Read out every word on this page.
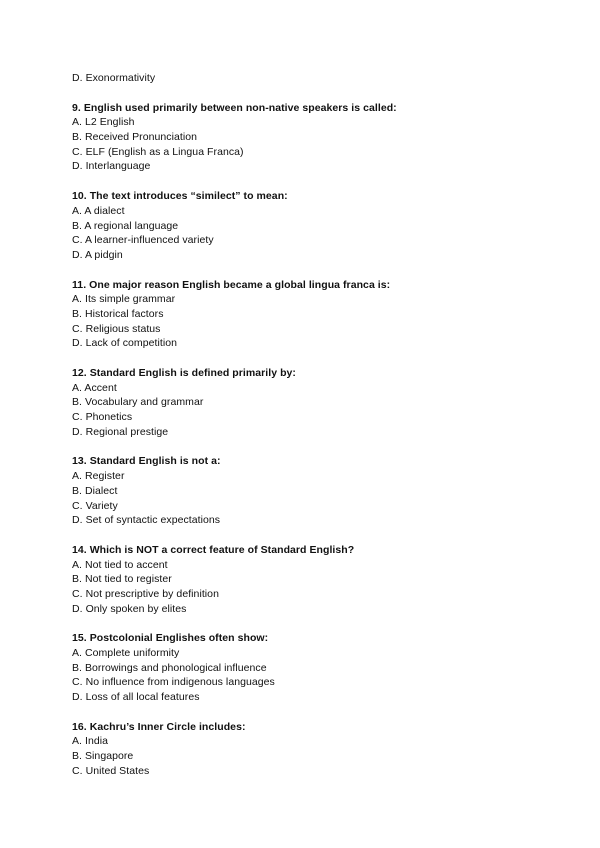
D. Exonormativity
9. English used primarily between non-native speakers is called:
A. L2 English
B. Received Pronunciation
C. ELF (English as a Lingua Franca)
D. Interlanguage
10. The text introduces “similect” to mean:
A. A dialect
B. A regional language
C. A learner-influenced variety
D. A pidgin
11. One major reason English became a global lingua franca is:
A. Its simple grammar
B. Historical factors
C. Religious status
D. Lack of competition
12. Standard English is defined primarily by:
A. Accent
B. Vocabulary and grammar
C. Phonetics
D. Regional prestige
13. Standard English is not a:
A. Register
B. Dialect
C. Variety
D. Set of syntactic expectations
14. Which is NOT a correct feature of Standard English?
A. Not tied to accent
B. Not tied to register
C. Not prescriptive by definition
D. Only spoken by elites
15. Postcolonial Englishes often show:
A. Complete uniformity
B. Borrowings and phonological influence
C. No influence from indigenous languages
D. Loss of all local features
16. Kachru’s Inner Circle includes:
A. India
B. Singapore
C. United States
